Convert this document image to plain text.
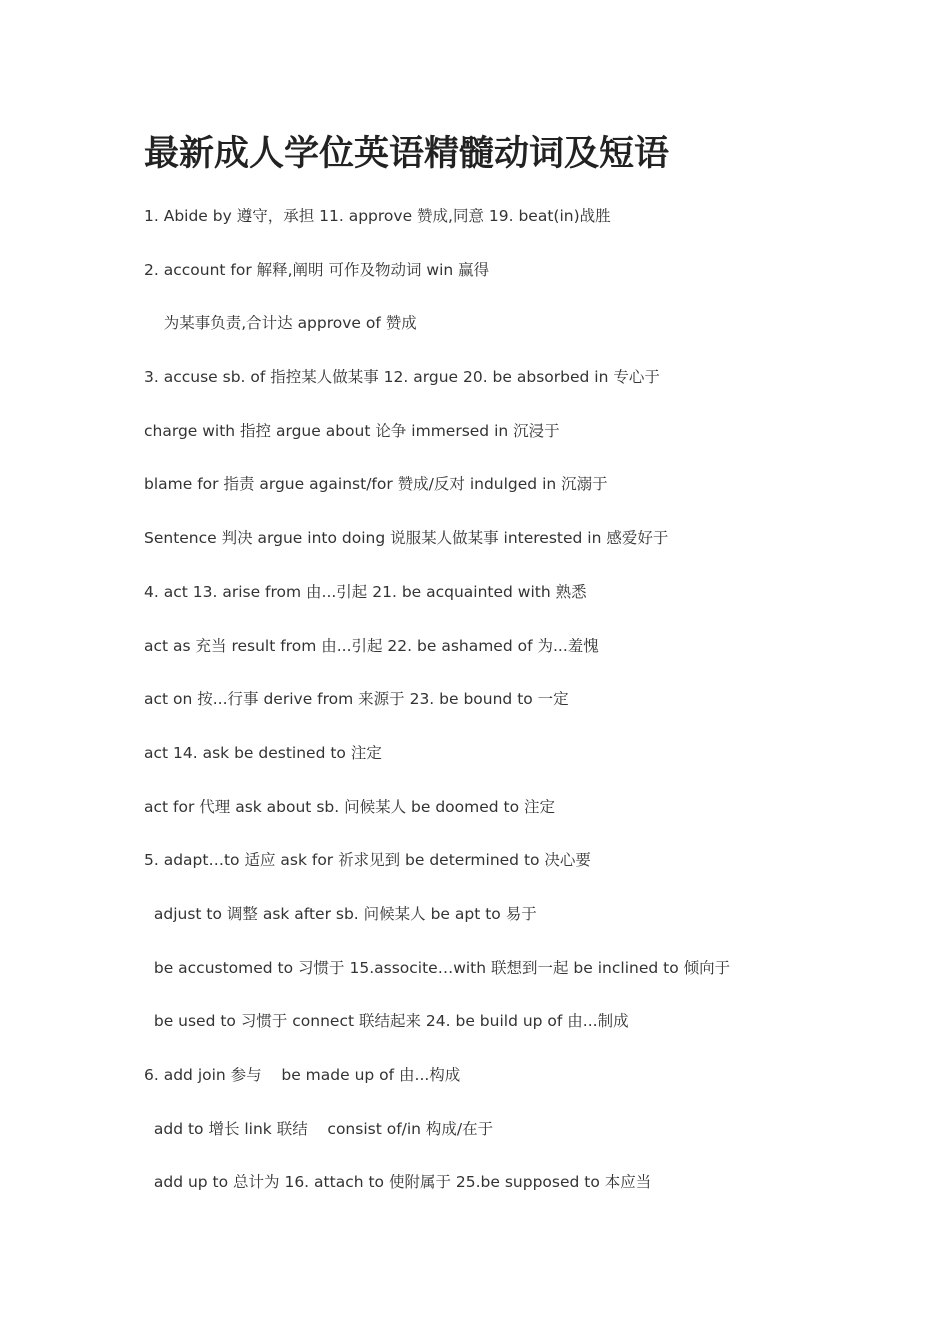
最新成人学位英语精髓动词及短语
1. Abide by 遵守，承担 11. approve 赞成,同意 19. beat(in)战胜
2. account for 解释,阐明 可作及物动词 win 赢得
为某事负责,合计达 approve of 赞成
3. accuse sb. of 指控某人做某事 12. argue 20. be absorbed in 专心于
charge with 指控 argue about 论争 immersed in 沉浸于
blame for 指责 argue against/for 赞成/反对 indulged in 沉溺于
Sentence 判决 argue into doing 说服某人做某事 interested in 感爱好于
4. act 13. arise from 由...引起 21. be acquainted with 熟悉
act as 充当 result from 由...引起 22. be ashamed of 为...羞愧
act on 按...行事 derive from 来源于 23. be bound to 一定
act 14. ask be destined to 注定
act for 代理 ask about sb. 问候某人 be doomed to 注定
5. adapt…to 适应 ask for 祈求见到 be determined to 决心要
adjust to 调整 ask after sb. 问候某人 be apt to 易于
be accustomed to 习惯于 15.associte…with 联想到一起 be inclined to 倾向于
be used to 习惯于 connect 联结起来 24. be build up of 由...制成
6. add join 参与    be made up of 由...构成
add to 增长 link 联结    consist of/in 构成/在于
add up to 总计为 16. attach to 使附属于 25.be supposed to 本应当
